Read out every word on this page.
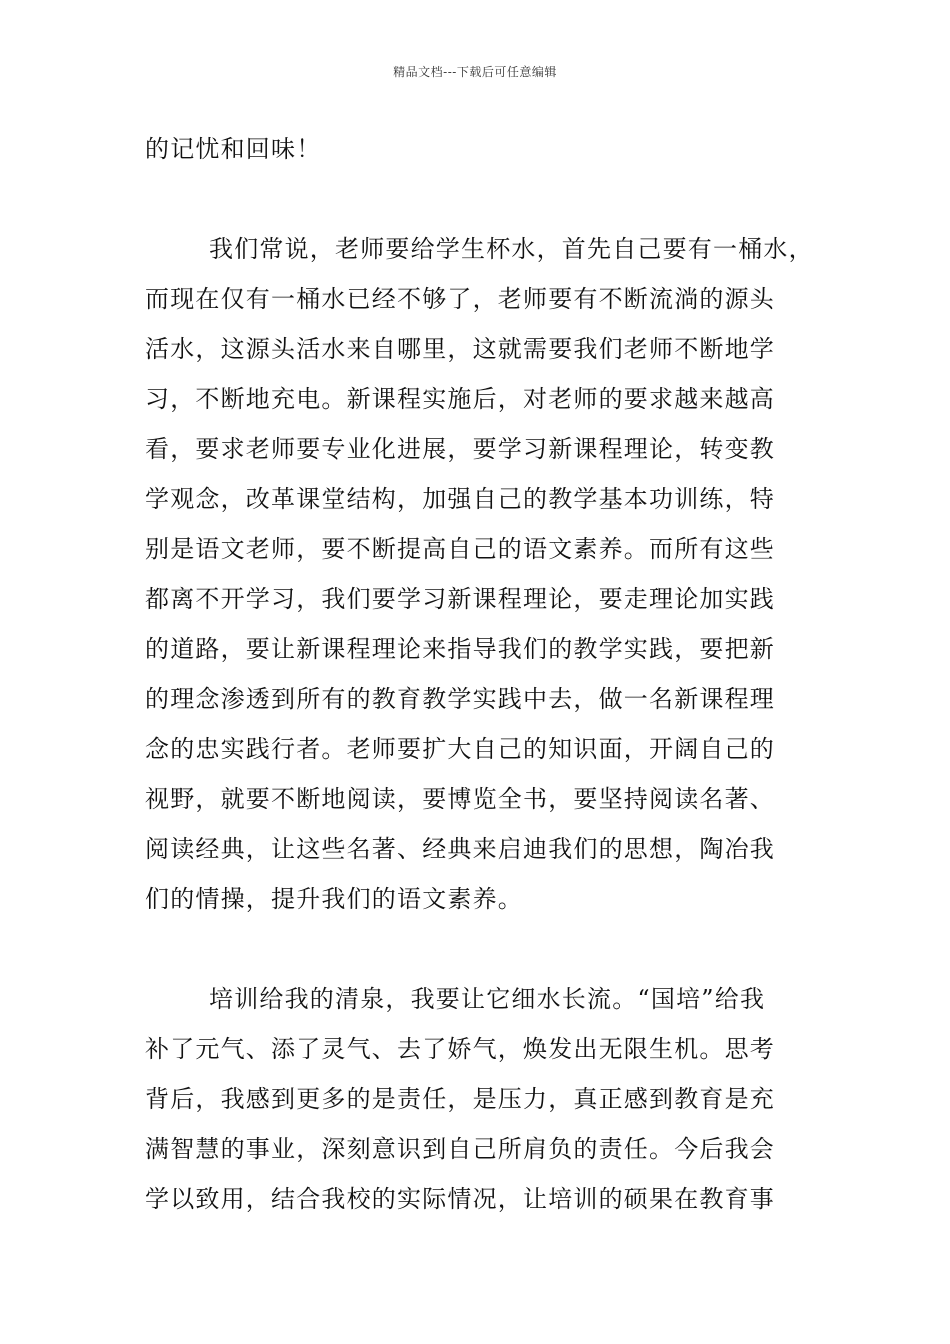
精品文档---下载后可任意编辑
的记忧和回味！
我们常说，老师要给学生杯水，首先自己要有一桶水，
而现在仅有一桶水已经不够了，老师要有不断流淌的源头
活水，这源头活水来自哪里，这就需要我们老师不断地学
习，不断地充电。新课程实施后，对老师的要求越来越高
看，要求老师要专业化进展，要学习新课程理论，转变教
学观念，改革课堂结构，加强自己的教学基本功训练，特
别是语文老师，要不断提高自己的语文素养。而所有这些
都离不开学习，我们要学习新课程理论，要走理论加实践
的道路，要让新课程理论来指导我们的教学实践，要把新
的理念渗透到所有的教育教学实践中去，做一名新课程理
念的忠实践行者。老师要扩大自己的知识面，开阔自己的
视野，就要不断地阅读，要博览全书，要坚持阅读名著、
阅读经典，让这些名著、经典来启迪我们的思想，陶冶我
们的情操，提升我们的语文素养。
培训给我的清泉，我要让它细水长流。“国培”给我
补了元气、添了灵气、去了娇气，焕发出无限生机。思考
背后，我感到更多的是责任，是压力，真正感到教育是充
满智慧的事业，深刻意识到自己所肩负的责任。今后我会
学以致用，结合我校的实际情况，让培训的硕果在教育事
